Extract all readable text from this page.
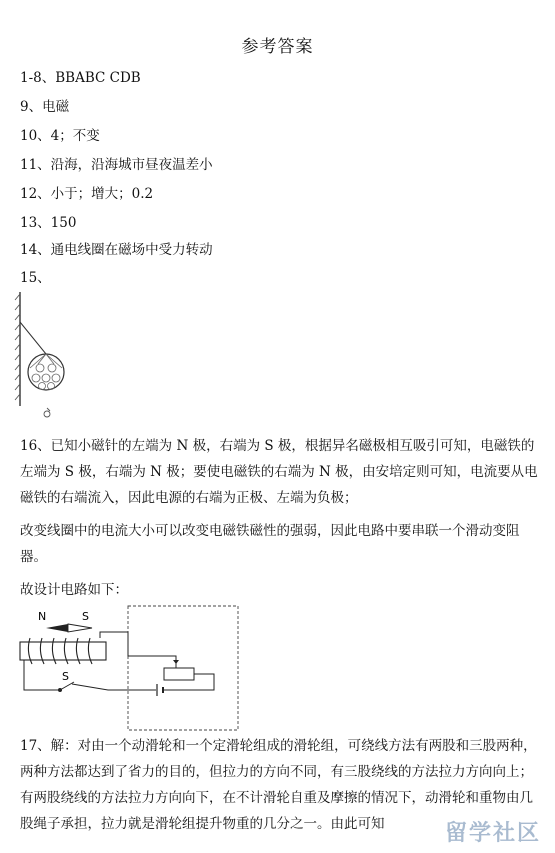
参考答案
1-8、BBABC CDB
9、电磁
10、4；不变
11、沿海，沿海城市昼夜温差小
12、小于；增大；0.2
13、150
14、通电线圈在磁场中受力转动
15、
16、已知小磁针的左端为 N 极，右端为 S 极，根据异名磁极相互吸引可知，电磁铁的左端为 S 极，右端为 N 极；要使电磁铁的右端为 N 极，由安培定则可知，电流要从电磁铁的右端流入，因此电源的右端为正极、左端为负极；
改变线圈中的电流大小可以改变电磁铁磁性的强弱，因此电路中要串联一个滑动变阻器。
故设计电路如下：
N	S
S
17、解：对由一个动滑轮和一个定滑轮组成的滑轮组，可绕线方法有两股和三股两种，两种方法都达到了省力的目的，但拉力的方向不同，有三股绕线的方法拉力方向向上；有两股绕线的方法拉力方向向下，在不计滑轮自重及摩擦的情况下，动滑轮和重物由几股绳子承担，拉力就是滑轮组提升物重的几分之一。由此可知	留学社区
